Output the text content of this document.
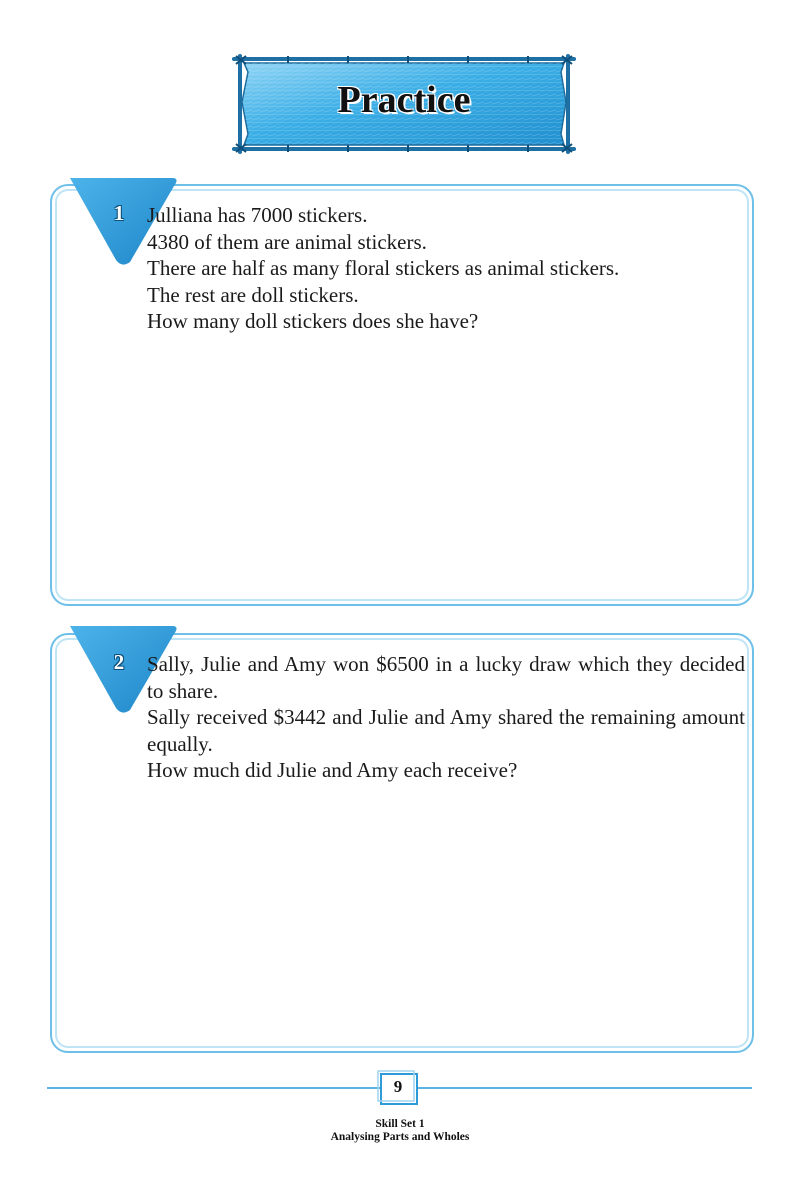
Practice
1	Julliana has 7000 stickers.
4380 of them are animal stickers.
There are half as many floral stickers as animal stickers.
The rest are doll stickers.
How many doll stickers does she have?
2	Sally, Julie and Amy won $6500 in a lucky draw which they decided to share.
Sally received $3442 and Julie and Amy shared the remaining amount equally.
How much did Julie and Amy each receive?
9
Skill Set 1
Analysing Parts and Wholes
